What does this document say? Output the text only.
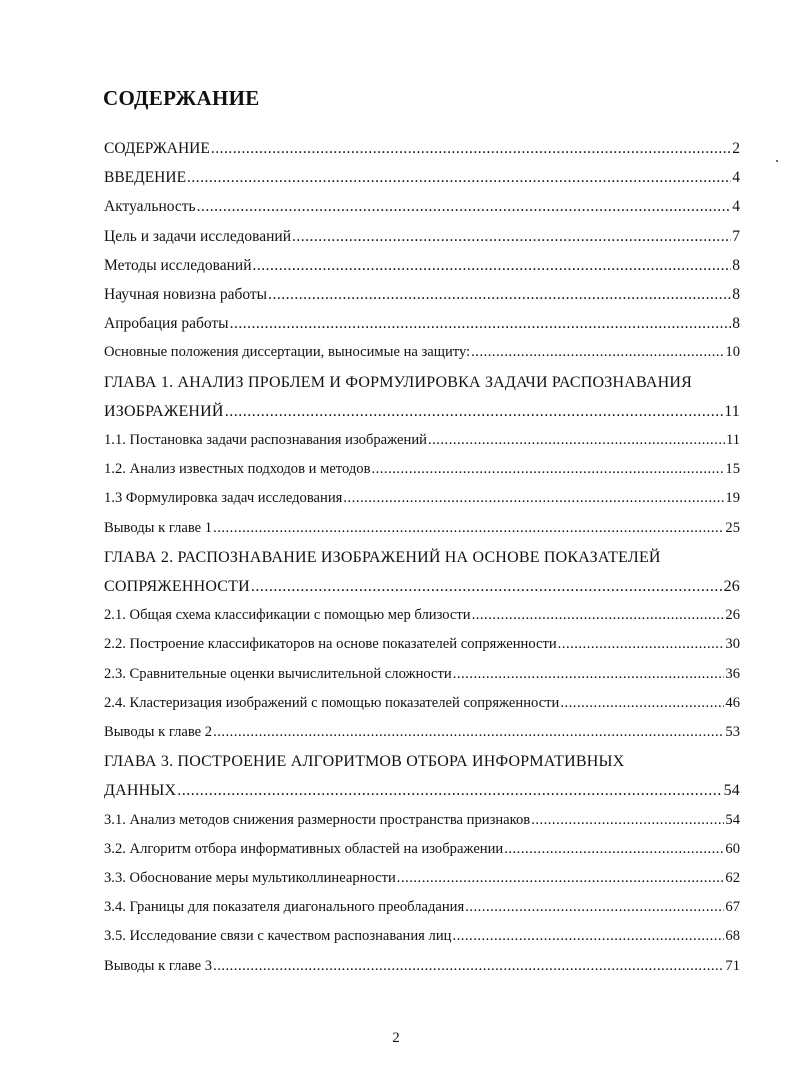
СОДЕРЖАНИЕ
СОДЕРЖАНИЕ .....	2
ВВЕДЕНИЕ .....	4
Актуальность .....	4
Цель и задачи исследований .....	7
Методы исследований .....	8
Научная новизна работы .....	8
Апробация работы .....	8
Основные положения диссертации, выносимые на защиту: .....	10
ГЛАВА 1. АНАЛИЗ ПРОБЛЕМ И ФОРМУЛИРОВКА ЗАДАЧИ РАСПОЗНАВАНИЯ
ИЗОБРАЖЕНИЙ .....	11
1.1. Постановка задачи распознавания изображений .....	11
1.2. Анализ известных подходов и методов .....	15
1.3 Формулировка задач исследования .....	19
Выводы к главе 1 .....	25
ГЛАВА 2. РАСПОЗНАВАНИЕ ИЗОБРАЖЕНИЙ НА ОСНОВЕ ПОКАЗАТЕЛЕЙ
СОПРЯЖЕННОСТИ .....	26
2.1. Общая схема классификации с помощью мер близости .....	26
2.2. Построение классификаторов на основе показателей сопряженности .....	30
2.3. Сравнительные оценки вычислительной сложности .....	36
2.4. Кластеризация изображений с помощью показателей сопряженности .....	46
Выводы к главе 2 .....	53
ГЛАВА 3. ПОСТРОЕНИЕ АЛГОРИТМОВ ОТБОРА ИНФОРМАТИВНЫХ
ДАННЫХ .....	54
3.1. Анализ методов снижения размерности пространства признаков .....	54
3.2. Алгоритм отбора информативных областей на изображении .....	60
3.3. Обоснование меры мультиколлинеарности .....	62
3.4. Границы для показателя диагонального преобладания .....	67
3.5. Исследование связи с качеством распознавания лиц .....	68
Выводы к главе 3 .....	71
2
